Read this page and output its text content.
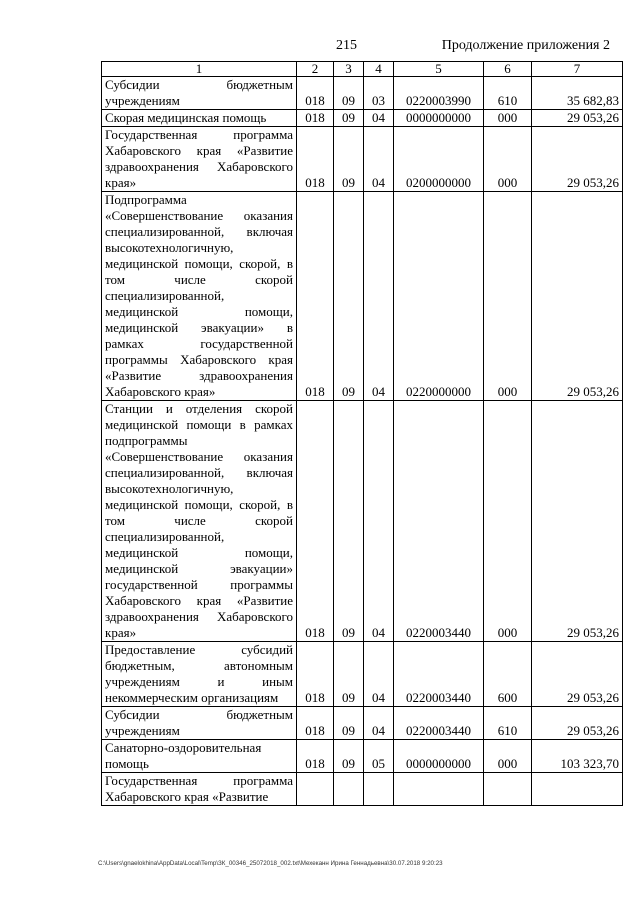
215	Продолжение приложения 2
1	2	3	4	5	6	7
Субсидии бюджетным учреждениям	018	09	03	0220003990	610	35 682,83
Скорая медицинская помощь	018	09	04	0000000000	000	29 053,26
Государственная программа Хабаровского края «Развитие здравоохранения Хабаровского края»	018	09	04	0200000000	000	29 053,26
Подпрограмма «Совершенствование оказания специализированной, включая высокотехнологичную, медицинской помощи, скорой, в том числе скорой специализированной, медицинской помощи, медицинской эвакуации» в рамках государственной программы Хабаровского края «Развитие здравоохранения Хабаровского края»	018	09	04	0220000000	000	29 053,26
Станции и отделения скорой медицинской помощи в рамках подпрограммы «Совершенствование оказания специализированной, включая высокотехнологичную, медицинской помощи, скорой, в том числе скорой специализированной, медицинской помощи, медицинской эвакуации» государственной программы Хабаровского края «Развитие здравоохранения Хабаровского края»	018	09	04	0220003440	000	29 053,26
Предоставление субсидий бюджетным, автономным учреждениям и иным некоммерческим организациям	018	09	04	0220003440	600	29 053,26
Субсидии бюджетным учреждениям	018	09	04	0220003440	610	29 053,26
Санаторно-оздоровительная помощь	018	09	05	0000000000	000	103 323,70
Государственная программа Хабаровского края «Развитие						
C:\Users\gnaelokhina\AppData\Local\Temp\ЗК_00346_25072018_002.txt\Мехеканн Ирина Геннадьевна\30.07.2018 9:20:23
